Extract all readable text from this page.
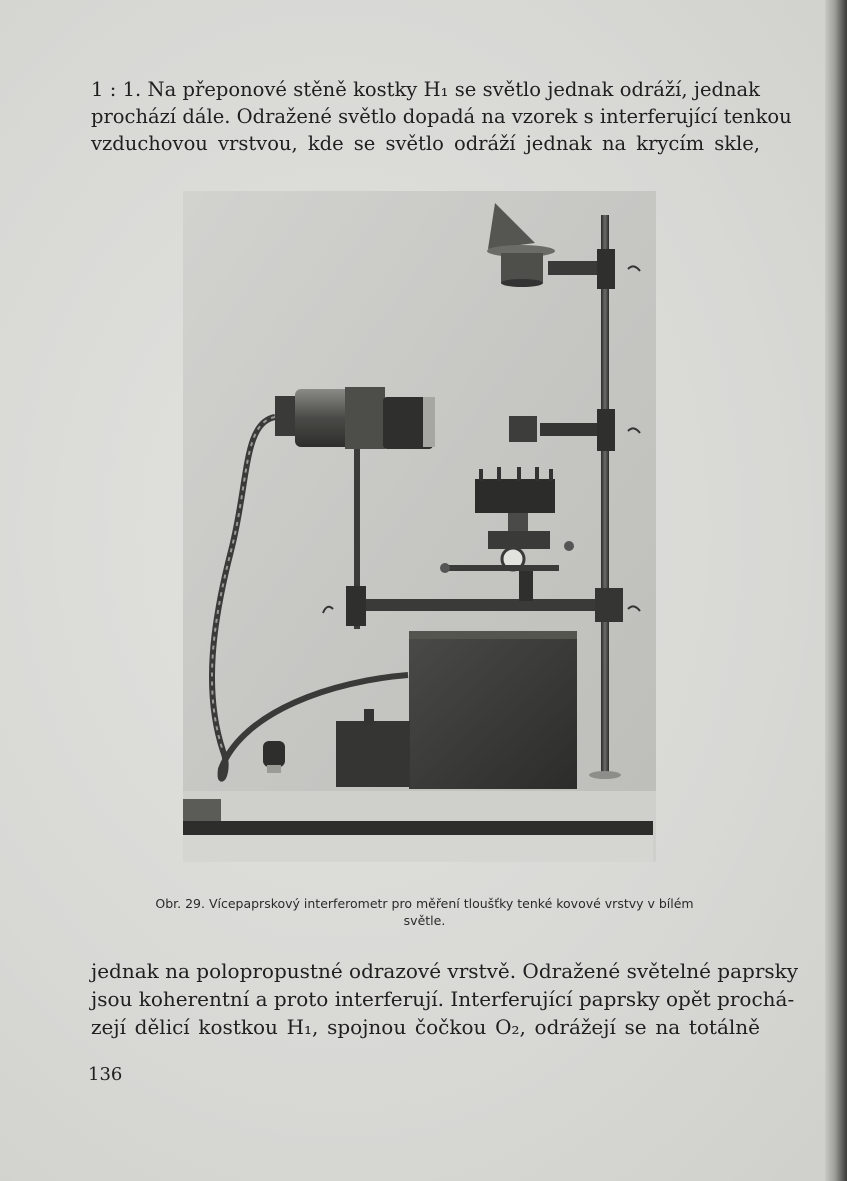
1 : 1. Na přeponové stěně kostky H₁ se světlo jednak odráží, jednak
prochází dále. Odražené světlo dopadá na vzorek s interferující tenkou
vzduchovou vrstvou, kde se světlo odráží jednak na krycím skle,
Obr. 29. Vícepaprskový interferometr pro měření tloušťky tenké kovové vrstvy v bílém
světle.
jednak na polopropustné odrazové vrstvě. Odražené světelné paprsky
jsou koherentní a proto interferují. Interferující paprsky opět prochá-
zejí dělicí kostkou H₁, spojnou čočkou O₂, odrážejí se na totálně
136
